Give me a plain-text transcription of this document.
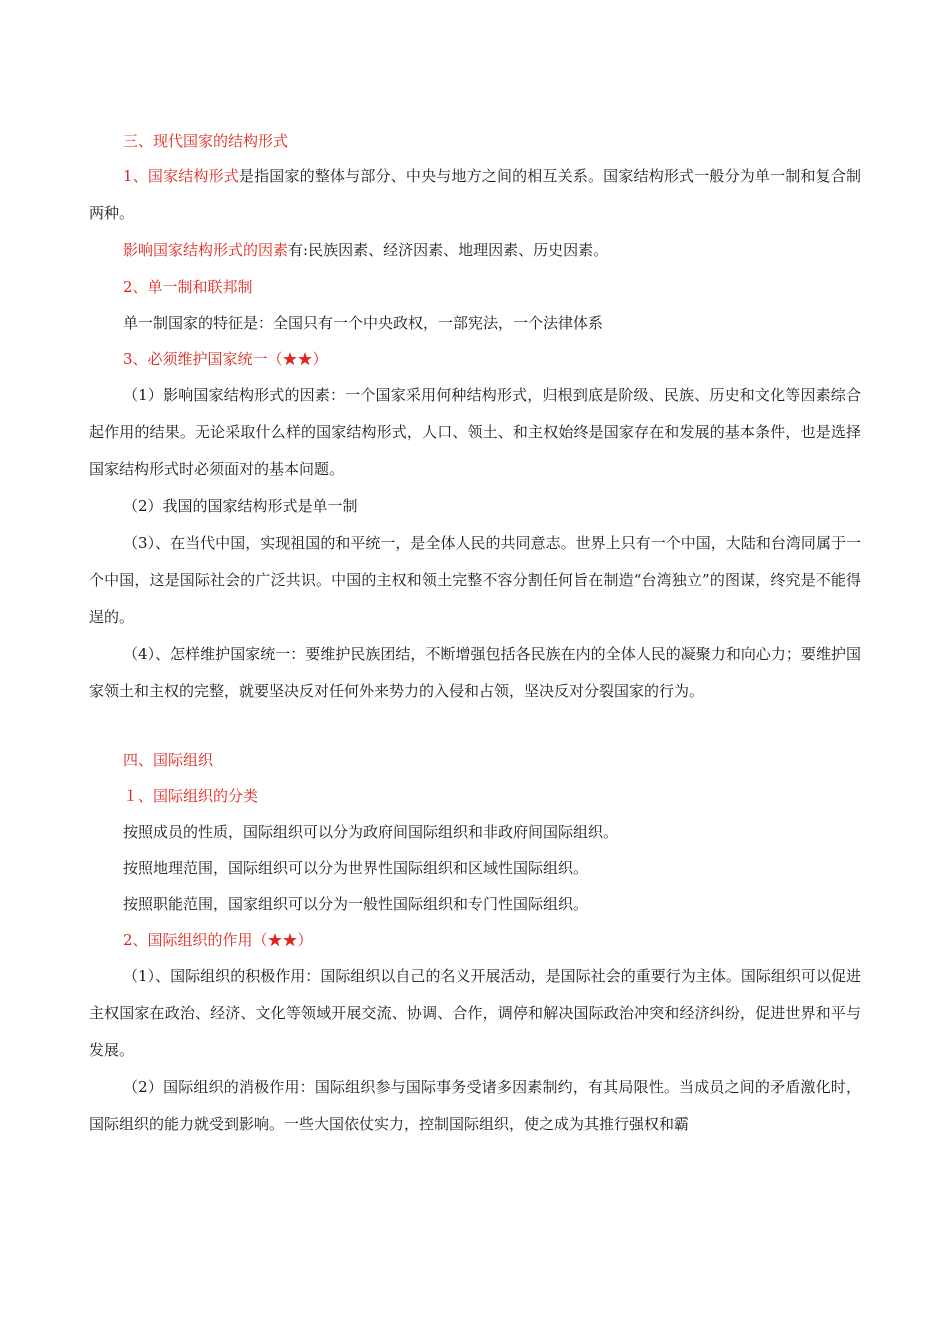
三、现代国家的结构形式

1、国家结构形式是指国家的整体与部分、中央与地方之间的相互关系。国家结构形式一般分为单一制和复合制两种。

影响国家结构形式的因素有:民族因素、经济因素、地理因素、历史因素。

2、单一制和联邦制
单一制国家的特征是：全国只有一个中央政权，一部宪法，一个法律体系
3、必须维护国家统一（★★）

（1）影响国家结构形式的因素：一个国家采用何种结构形式，归根到底是阶级、民族、历史和文化等因素综合起作用的结果。无论采取什么样的国家结构形式，人口、领土、和主权始终是国家存在和发展的基本条件，也是选择国家结构形式时必须面对的基本问题。

（2）我国的国家结构形式是单一制

（3）、在当代中国，实现祖国的和平统一，是全体人民的共同意志。世界上只有一个中国，大陆和台湾同属于一个中国，这是国际社会的广泛共识。中国的主权和领土完整不容分割任何旨在制造“台湾独立”的图谋，终究是不能得逞的。

（4）、怎样维护国家统一：要维护民族团结，不断增强包括各民族在内的全体人民的凝聚力和向心力；要维护国家领土和主权的完整，就要坚决反对任何外来势力的入侵和占领，坚决反对分裂国家的行为。

四、国际组织
１、国际组织的分类
按照成员的性质，国际组织可以分为政府间国际组织和非政府间国际组织。
按照地理范围，国际组织可以分为世界性国际组织和区域性国际组织。
按照职能范围，国家组织可以分为一般性国际组织和专门性国际组织。
2、国际组织的作用（★★）

（1）、国际组织的积极作用：国际组织以自己的名义开展活动，是国际社会的重要行为主体。国际组织可以促进主权国家在政治、经济、文化等领域开展交流、协调、合作，调停和解决国际政治冲突和经济纠纷，促进世界和平与发展。

（2）国际组织的消极作用：国际组织参与国际事务受诸多因素制约，有其局限性。当成员之间的矛盾激化时，国际组织的能力就受到影响。一些大国依仗实力，控制国际组织，使之成为其推行强权和霸
